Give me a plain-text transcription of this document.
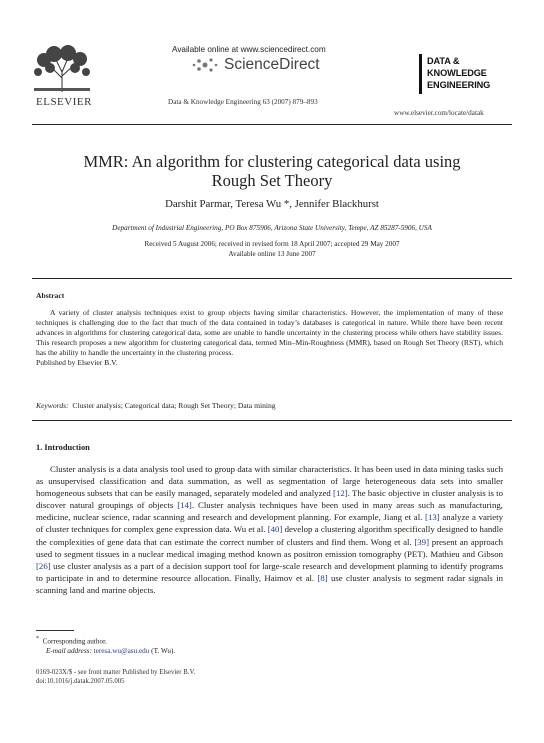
ELSEVIER
Available online at www.sciencedirect.com
ScienceDirect
Data & Knowledge Engineering 63 (2007) 879–893
DATA &
KNOWLEDGE
ENGINEERING
www.elsevier.com/locate/datak
MMR: An algorithm for clustering categorical data using
Rough Set Theory
Darshit Parmar, Teresa Wu *, Jennifer Blackhurst
Department of Industrial Engineering, PO Box 875906, Arizona State University, Tempe, AZ 85287-5906, USA
Received 5 August 2006; received in revised form 18 April 2007; accepted 29 May 2007
Available online 13 June 2007
Abstract

A variety of cluster analysis techniques exist to group objects having similar characteristics. However, the implementation of many of these techniques is challenging due to the fact that much of the data contained in today’s databases is categorical in nature. While there have been recent advances in algorithms for clustering categorical data, some are unable to handle uncertainty in the clustering process while others have stability issues. This research proposes a new algorithm for clustering categorical data, termed Min–Min-Roughness (MMR), based on Rough Set Theory (RST), which has the ability to handle the uncertainty in the clustering process.

Published by Elsevier B.V.
Keywords: Cluster analysis; Categorical data; Rough Set Theory; Data mining
1. Introduction

Cluster analysis is a data analysis tool used to group data with similar characteristics. It has been used in data mining tasks such as unsupervised classification and data summation, as well as segmentation of large heterogeneous data sets into smaller homogeneous subsets that can be easily managed, separately modeled and analyzed [12]. The basic objective in cluster analysis is to discover natural groupings of objects [14]. Cluster analysis techniques have been used in many areas such as manufacturing, medicine, nuclear science, radar scanning and research and development planning. For example, Jiang et al. [13] analyze a variety of cluster techniques for complex gene expression data. Wu et al. [40] develop a clustering algorithm specifically designed to handle the complexities of gene data that can estimate the correct number of clusters and find them. Wong et al. [39] present an approach used to segment tissues in a nuclear medical imaging method known as positron emission tomography (PET). Mathieu and Gibson [26] use cluster analysis as a part of a decision support tool for large-scale research and development planning to identify programs to participate in and to determine resource allocation. Finally, Haimov et al. [8] use cluster analysis to segment radar signals in scanning land and marine objects.

* Corresponding author.
E-mail address: teresa.wu@asu.edu (T. Wu).
0169-023X/$ - see front matter Published by Elsevier B.V.
doi:10.1016/j.datak.2007.05.005
